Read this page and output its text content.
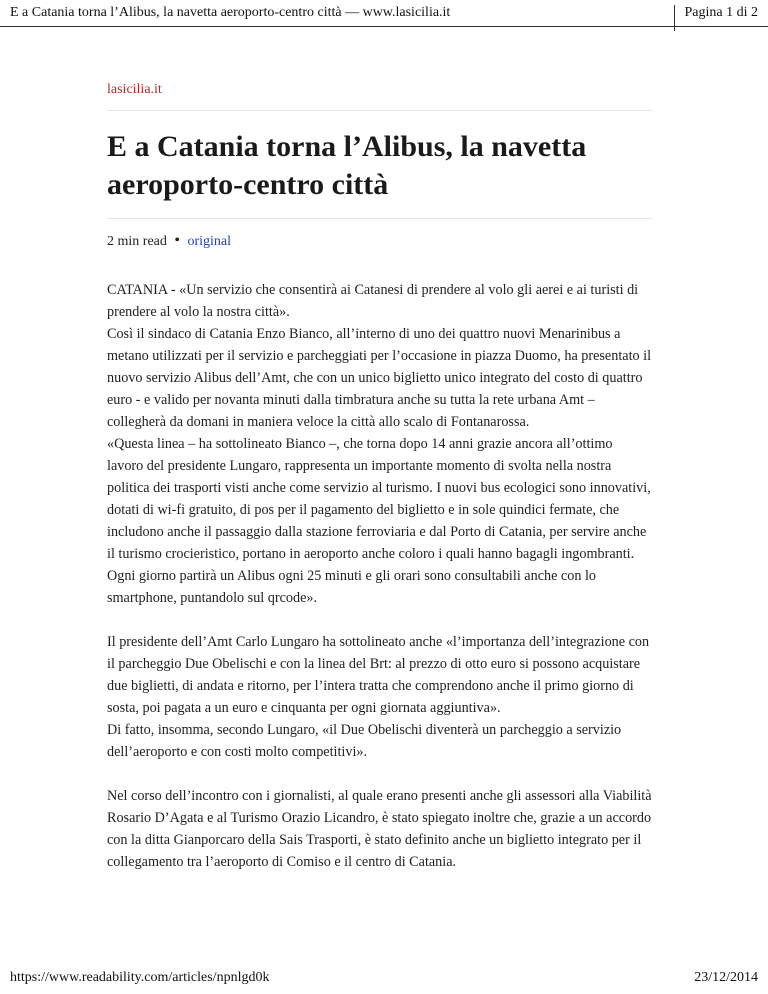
E a Catania torna l’Alibus, la navetta aeroporto-centro città — www.lasicilia.it	Pagina 1 di 2

lasicilia.it

E a Catania torna l’Alibus, la navetta aeroporto-centro città
2 min read • original

CATANIA - «Un servizio che consentirà ai Catanesi di prendere al volo gli aerei e ai turisti di prendere al volo la nostra città».
Così il sindaco di Catania Enzo Bianco, all’interno di uno dei quattro nuovi Menarinibus a metano utilizzati per il servizio e parcheggiati per l’occasione in piazza Duomo, ha presentato il nuovo servizio Alibus dell’Amt, che con un unico biglietto unico integrato del costo di quattro euro - e valido per novanta minuti dalla timbratura anche su tutta la rete urbana Amt – collegherà da domani in maniera veloce la città allo scalo di Fontanarossa.
«Questa linea – ha sottolineato Bianco –, che torna dopo 14 anni grazie ancora all’ottimo lavoro del presidente Lungaro, rappresenta un importante momento di svolta nella nostra politica dei trasporti visti anche come servizio al turismo. I nuovi bus ecologici sono innovativi, dotati di wi-fi gratuito, di pos per il pagamento del biglietto e in sole quindici fermate, che includono anche il passaggio dalla stazione ferroviaria e dal Porto di Catania, per servire anche il turismo crocieristico, portano in aeroporto anche coloro i quali hanno bagagli ingombranti. Ogni giorno partirà un Alibus ogni 25 minuti e gli orari sono consultabili anche con lo smartphone, puntandolo sul qrcode».

Il presidente dell’Amt Carlo Lungaro ha sottolineato anche «l’importanza dell’integrazione con il parcheggio Due Obelischi e con la linea del Brt: al prezzo di otto euro si possono acquistare due biglietti, di andata e ritorno, per l’intera tratta che comprendono anche il primo giorno di sosta, poi pagata a un euro e cinquanta per ogni giornata aggiuntiva».
Di fatto, insomma, secondo Lungaro, «il Due Obelischi diventerà un parcheggio a servizio dell’aeroporto e con costi molto competitivi».

Nel corso dell’incontro con i giornalisti, al quale erano presenti anche gli assessori alla Viabilità Rosario D’Agata e al Turismo Orazio Licandro, è stato spiegato inoltre che, grazie a un accordo con la ditta Gianporcaro della Sais Trasporti, è stato definito anche un biglietto integrato per il collegamento tra l’aeroporto di Comiso e il centro di Catania.

https://www.readability.com/articles/npnlgd0k	23/12/2014
